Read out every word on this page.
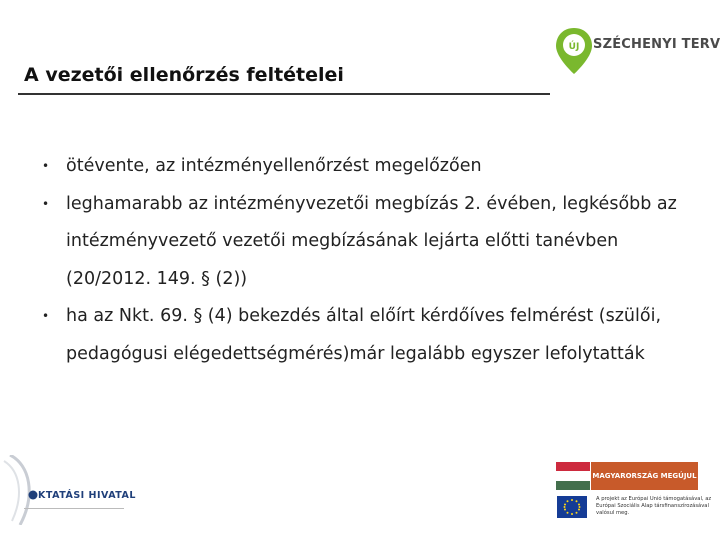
A vezetői ellenőrzés feltételei
ÚJ SZÉCHENYI TERV
• ötévente, az intézményellenőrzést megelőzően
• leghamarabb az intézményvezetői megbízás 2. évében, legkésőbb az intézményvezető vezetői megbízásának lejárta előtti tanévben (20/2012. 149. § (2))
• ha az Nkt. 69. § (4) bekezdés által előírt kérdőíves felmérést (szülői, pedagógusi elégedettségmérés)már legalább egyszer lefolytatták
KTATÁSI HIVATAL
MAGYARORSZÁG MEGÚJUL
A projekt az Európai Unió támogatásával, az Európai Szociális Alap társfinanszírozásával valósul meg.
